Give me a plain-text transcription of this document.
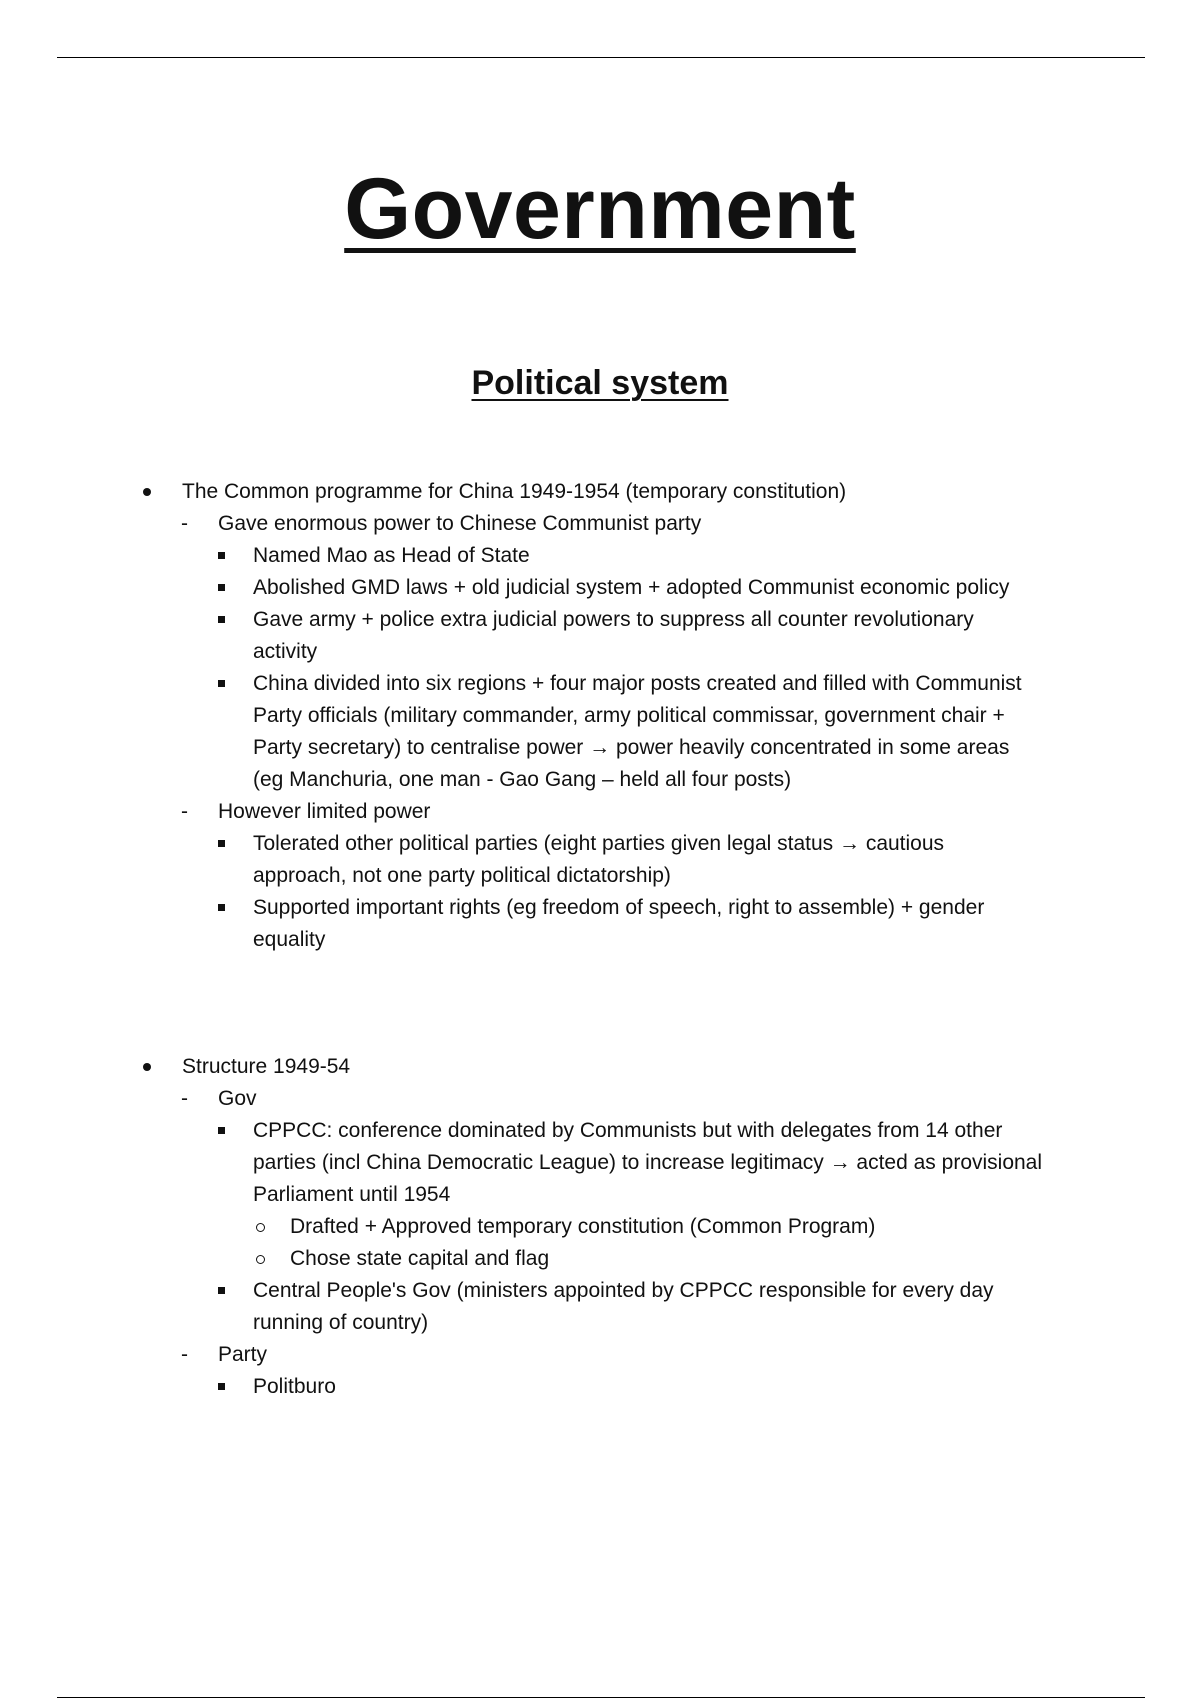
Government
Political system
The Common programme for China 1949-1954 (temporary constitution)
- Gave enormous power to Chinese Communist party
Named Mao as Head of State
Abolished GMD laws + old judicial system + adopted Communist economic policy
Gave army + police extra judicial powers to suppress all counter revolutionary activity
China divided into six regions + four major posts created and filled with Communist Party officials (military commander, army political commissar, government chair + Party secretary) to centralise power → power heavily concentrated in some areas (eg Manchuria, one man - Gao Gang – held all four posts)
- However limited power
Tolerated other political parties (eight parties given legal status → cautious approach, not one party political dictatorship)
Supported important rights (eg freedom of speech, right to assemble) + gender equality
Structure 1949-54
- Gov
CPPCC: conference dominated by Communists but with delegates from 14 other parties (incl China Democratic League) to increase legitimacy → acted as provisional Parliament until 1954
Drafted + Approved temporary constitution (Common Program)
Chose state capital and flag
Central People's Gov (ministers appointed by CPPCC responsible for every day running of country)
- Party
Politburo
